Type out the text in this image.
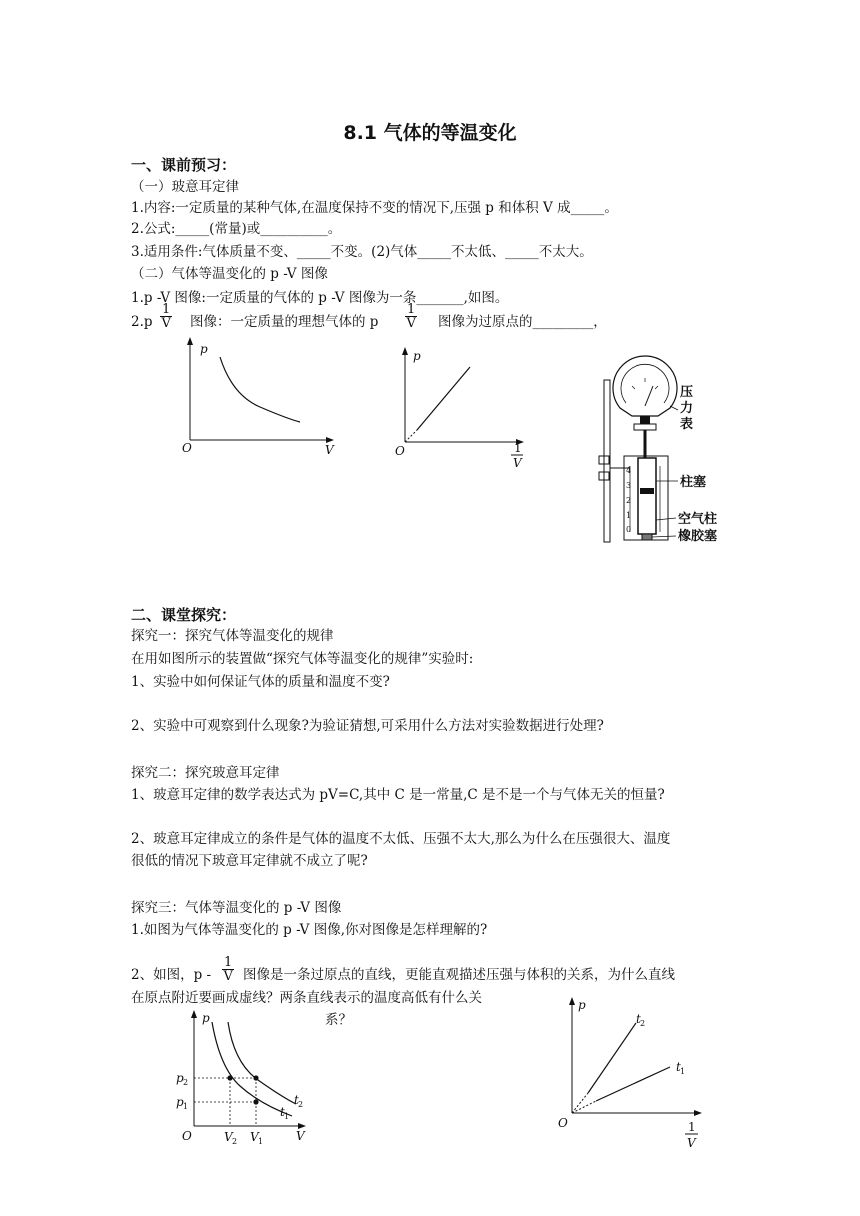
8.1 气体的等温变化
一、课前预习：
（一）玻意耳定律
1.内容:一定质量的某种气体,在温度保持不变的情况下,压强 p 和体积 V 成_____。
2.公式:_____(常量)或__________。
3.适用条件:气体质量不变、_____不变。(2)气体_____不太低、_____不太大。
（二）气体等温变化的 p -V 图像
1.p -V 图像:一定质量的气体的 p -V 图像为一条_______,如图。
$2.p \frac{1}{V}$ 图像：一定质量的理想气体的 p $\frac{1}{V}$ 图像为过原点的_________，
p
O	V
p
O	1
V
4
3
2
1
0
压
力
表
柱塞
空气柱
橡胶塞
二、课堂探究：
探究一：探究气体等温变化的规律
在用如图所示的装置做“探究气体等温变化的规律”实验时:
1、实验中如何保证气体的质量和温度不变?
2、实验中可观察到什么现象?为验证猜想,可采用什么方法对实验数据进行处理?
探究二：探究玻意耳定律
1、玻意耳定律的数学表达式为 pV=C,其中 C 是一常量,C 是不是一个与气体无关的恒量?
2、玻意耳定律成立的条件是气体的温度不太低、压强不太大,那么为什么在压强很大、温度
很低的情况下玻意耳定律就不成立了呢?
探究三：气体等温变化的 p -V 图像
1.如图为气体等温变化的 p -V 图像,你对图像是怎样理解的?
2、如图，p - $\frac{1}{V}$ 图像是一条过原点的直线，更能直观描述压强与体积的关系，为什么直线
在原点附近要画成虚线？两条直线表示的温度高低有什么关
系？
p
O	V
p 2
p 1
V 2 V 1
t 2
t 1
p
O
t 2
t 1
1
V
